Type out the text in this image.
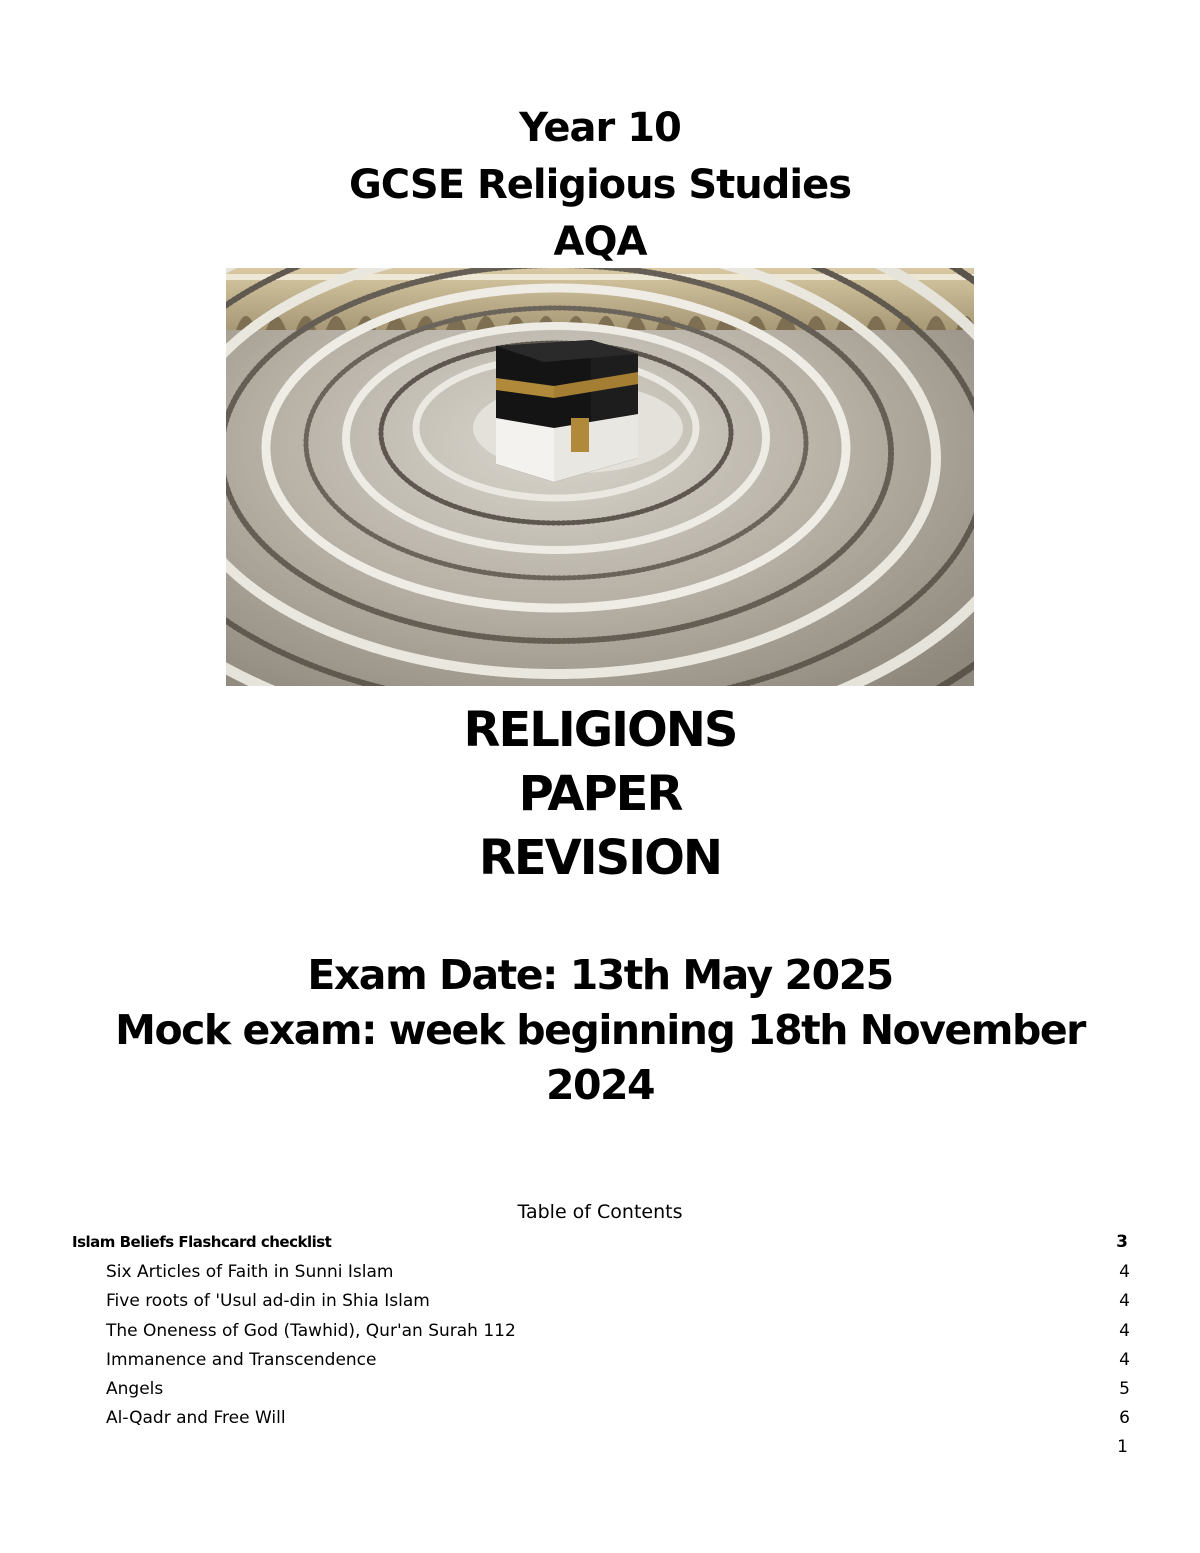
Year 10
GCSE Religious Studies
AQA
RELIGIONS
PAPER
REVISION
Exam Date: 13th May 2025
Mock exam: week beginning 18th November
2024
Table of Contents
Islam Beliefs Flashcard checklist	3
Six Articles of Faith in Sunni Islam	4
Five roots of 'Usul ad-din in Shia Islam	4
The Oneness of God (Tawhid), Qur'an Surah 112	4
Immanence and Transcendence	4
Angels	5
Al-Qadr and Free Will	6
1
